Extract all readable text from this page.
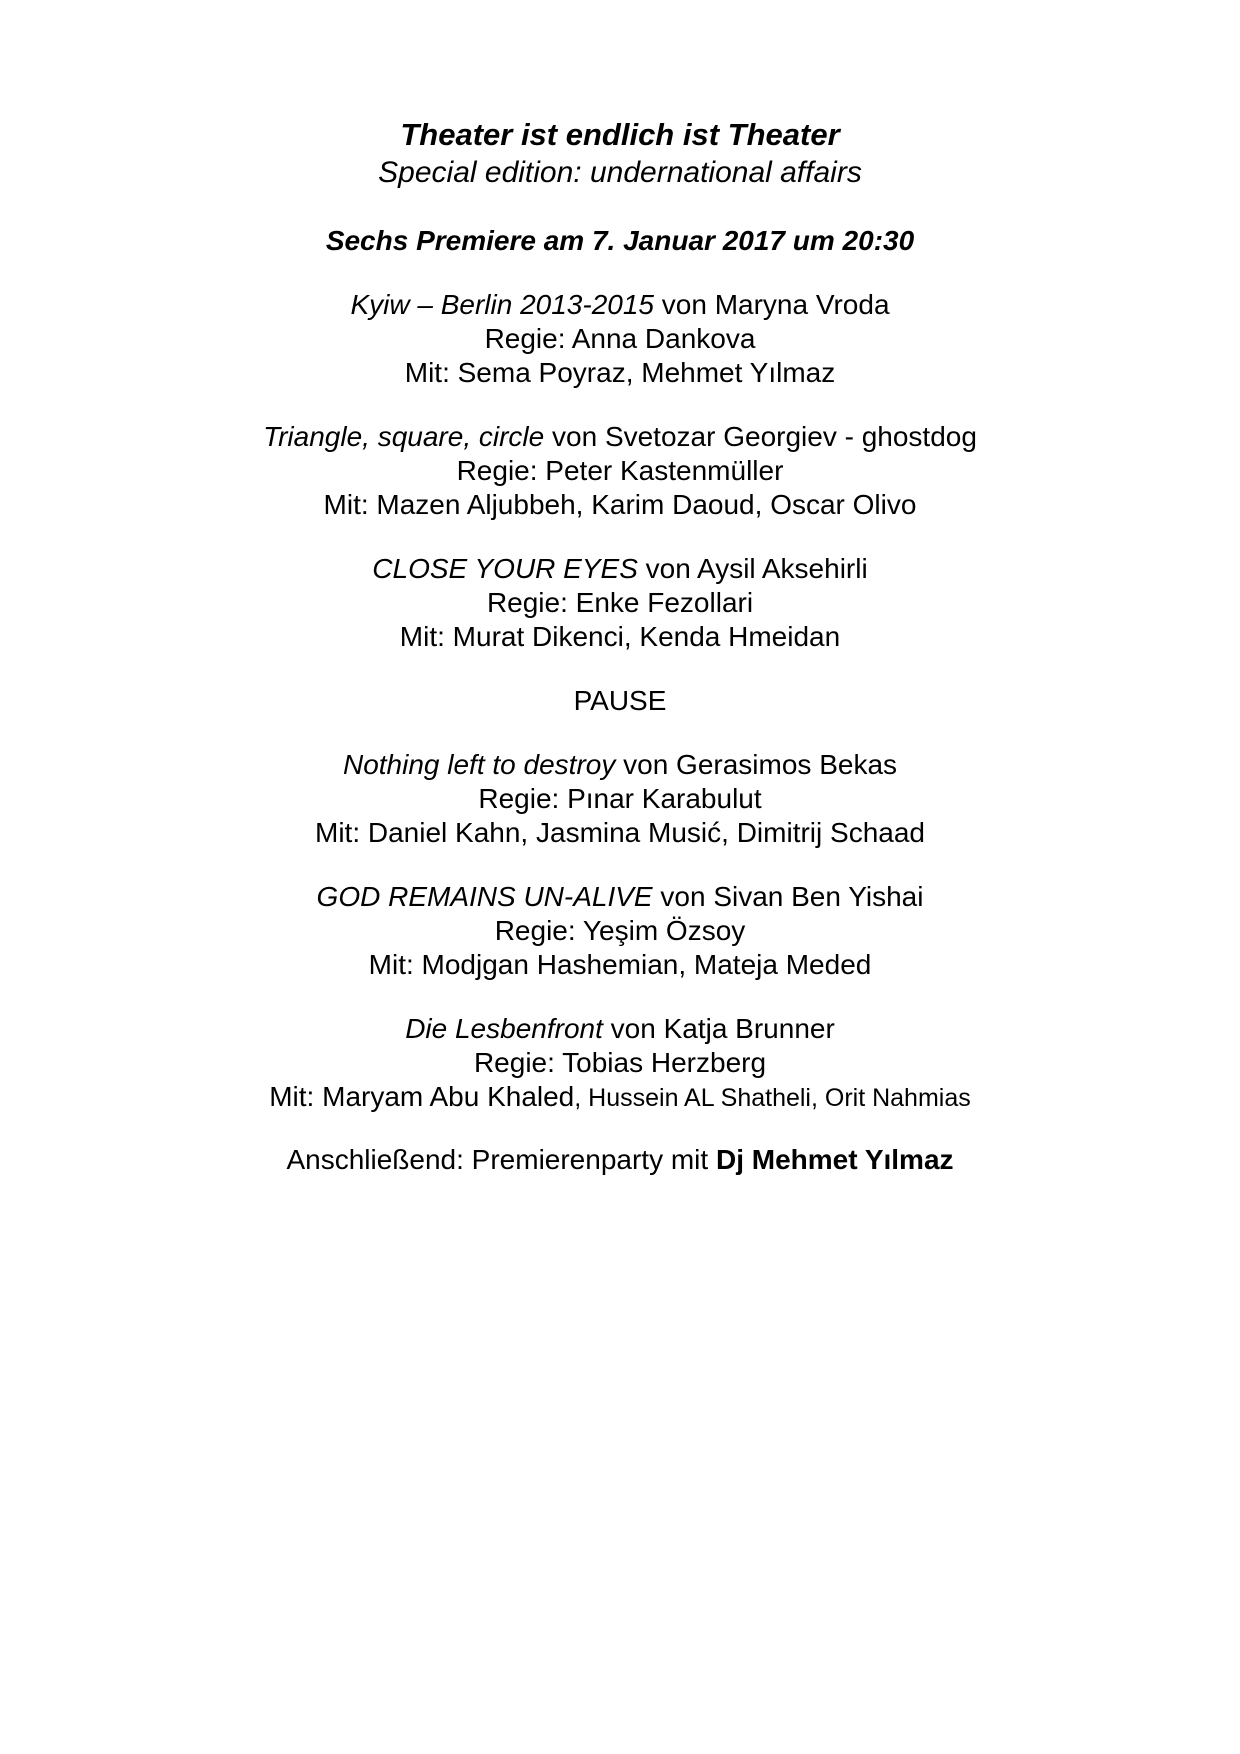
Theater ist endlich ist Theater

Special edition: undernational affairs

Sechs Premiere am 7. Januar 2017 um 20:30

Kyiw – Berlin 2013-2015 von Maryna Vroda
Regie: Anna Dankova
Mit: Sema Poyraz, Mehmet Yılmaz
Triangle, square, circle von Svetozar Georgiev - ghostdog
Regie: Peter Kastenmüller
Mit: Mazen Aljubbeh, Karim Daoud, Oscar Olivo
CLOSE YOUR EYES von Aysil Aksehirli
Regie: Enke Fezollari
Mit: Murat Dikenci, Kenda Hmeidan
PAUSE
Nothing left to destroy von Gerasimos Bekas
Regie: Pınar Karabulut
Mit: Daniel Kahn, Jasmina Musić, Dimitrij Schaad
GOD REMAINS UN-ALIVE von Sivan Ben Yishai
Regie: Yeşim Özsoy
Mit: Modjgan Hashemian, Mateja Meded
Die Lesbenfront von Katja Brunner
Regie: Tobias Herzberg
Mit: Maryam Abu Khaled, Hussein AL Shatheli, Orit Nahmias
Anschließend: Premierenparty mit Dj Mehmet Yılmaz
